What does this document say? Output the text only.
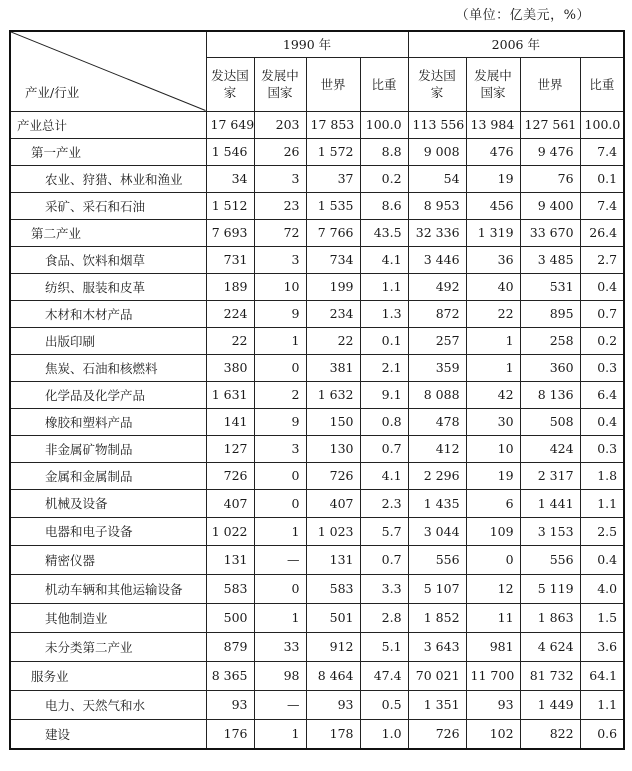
（单位：亿美元，%）
产业/行业	1990 年				2006 年			
	发达国家	发展中国家	世界	比重	发达国家	发展中国家	世界	比重
产业总计	17 649	203	17 853	100.0	113 556	13 984	127 561	100.0
第一产业	1 546	26	1 572	8.8	9 008	476	9 476	7.4
农业、狩猎、林业和渔业	34	3	37	0.2	54	19	76	0.1
采矿、采石和石油	1 512	23	1 535	8.6	8 953	456	9 400	7.4
第二产业	7 693	72	7 766	43.5	32 336	1 319	33 670	26.4
食品、饮料和烟草	731	3	734	4.1	3 446	36	3 485	2.7
纺织、服装和皮革	189	10	199	1.1	492	40	531	0.4
木材和木材产品	224	9	234	1.3	872	22	895	0.7
出版印刷	22	1	22	0.1	257	1	258	0.2
焦炭、石油和核燃料	380	0	381	2.1	359	1	360	0.3
化学品及化学产品	1 631	2	1 632	9.1	8 088	42	8 136	6.4
橡胶和塑料产品	141	9	150	0.8	478	30	508	0.4
非金属矿物制品	127	3	130	0.7	412	10	424	0.3
金属和金属制品	726	0	726	4.1	2 296	19	2 317	1.8
机械及设备	407	0	407	2.3	1 435	6	1 441	1.1
电器和电子设备	1 022	1	1 023	5.7	3 044	109	3 153	2.5
精密仪器	131	—	131	0.7	556	0	556	0.4
机动车辆和其他运输设备	583	0	583	3.3	5 107	12	5 119	4.0
其他制造业	500	1	501	2.8	1 852	11	1 863	1.5
未分类第二产业	879	33	912	5.1	3 643	981	4 624	3.6
服务业	8 365	98	8 464	47.4	70 021	11 700	81 732	64.1
电力、天然气和水	93	—	93	0.5	1 351	93	1 449	1.1
建设	176	1	178	1.0	726	102	822	0.6
